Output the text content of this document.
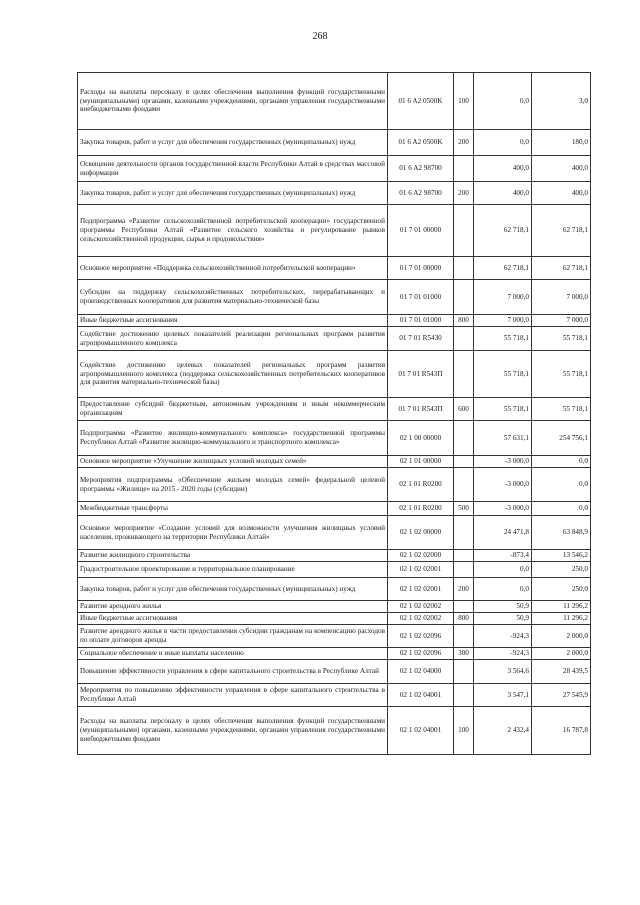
268
Расходы на выплаты персоналу в целях обеспечения выполнения функций государственными (муниципальными) органами, казенными учреждениями, органами управления государственными внебюджетными фондами	01 6 A2 0500K	100	0,0	3,0
Закупка товаров, работ и услуг для обеспечения государственных (муниципальных) нужд	01 6 A2 0500K	200	0,0	180,0
Освещение деятельности органов государственной власти Республики Алтай в средствах массовой информации	01 6 A2 98700		400,0	400,0
Закупка товаров, работ и услуг для обеспечения государственных (муниципальных) нужд	01 6 A2 98700	200	400,0	400,0
Подпрограмма «Развитие сельскохозяйственной потребительской кооперации» государственной программы Республики Алтай «Развитие сельского хозяйства и регулирование рынков сельскохозяйственной продукции, сырья и продовольствия»	01 7 01 00000		62 718,1	62 718,1
Основное мероприятие «Поддержка сельскохозяйственной потребительской кооперации»	01 7 01 00000		62 718,1	62 718,1
Субсидии на поддержку сельскохозяйственных потребительских, перерабатывающих и производственных кооперативов для развития материально-технической базы	01 7 01 01000		7 000,0	7 000,0
Иные бюджетные ассигнования	01 7 01 01000	800	7 000,0	7 000,0
Содействие достижению целевых показателей реализации региональных программ развития агропромышленного комплекса	01 7 01 R5430		55 718,1	55 718,1
Содействие достижению целевых показателей региональных программ развития агропромышленного комплекса (поддержка сельскохозяйственных потребительских кооперативов для развития материально-технической базы)	01 7 01 R543П		55 718,1	55 718,1
Предоставление субсидий бюджетным, автономным учреждениям и иным некоммерческим организациям	01 7 01 R543П	600	55 718,1	55 718,1
Подпрограмма «Развитие жилищно-коммунального комплекса» государственной программы Республики Алтай «Развитие жилищно-коммунального и транспортного комплекса»	02 1 00 00000		57 631,1	254 756,1
Основное мероприятие «Улучшение жилищных условий молодых семей»	02 1 01 00000		-3 000,0	0,0
Мероприятия подпрограммы «Обеспечение жильем молодых семей» федеральной целевой программы «Жилище» на 2015 - 2020 годы (субсидии)	02 1 01 R0200		-3 000,0	0,0
Межбюджетные трансферты	02 1 01 R0200	500	-3 000,0	0,0
Основное мероприятие «Создание условий для возможности улучшения жилищных условий населения, проживающего на территории Республики Алтай»	02 1 02 00000		24 471,8	63 848,9
Развитие жилищного строительства	02 1 02 02000		-873,4	13 546,2
Градостроительное проектирование и территориальное планирование	02 1 02 02001		0,0	250,0
Закупка товаров, работ и услуг для обеспечения государственных (муниципальных) нужд	02 1 02 02001	200	0,0	250,0
Развитие арендного жилья	02 1 02 02002		50,9	11 296,2
Иные бюджетные ассигнования	02 1 02 02002	800	50,9	11 296,2
Развитие арендного жилья в части предоставления субсидии гражданам на компенсацию расходов по оплате договоров аренды	02 1 02 02096		-924,3	2 000,0
Социальное обеспечение и иные выплаты населению	02 1 02 02096	300	-924,3	2 000,0
Повышение эффективности управления в сфере капитального строительства в Республике Алтай	02 1 02 04000		3 564,6	28 439,5
Мероприятия по повышению эффективности управления в сфере капитального строительства в Республике Алтай	02 1 02 04001		3 547,1	27 545,9
Расходы на выплаты персоналу в целях обеспечения выполнения функций государственными (муниципальными) органами, казенными учреждениями, органами управления государственными внебюджетными фондами	02 1 02 04001	100	2 432,4	16 787,8
